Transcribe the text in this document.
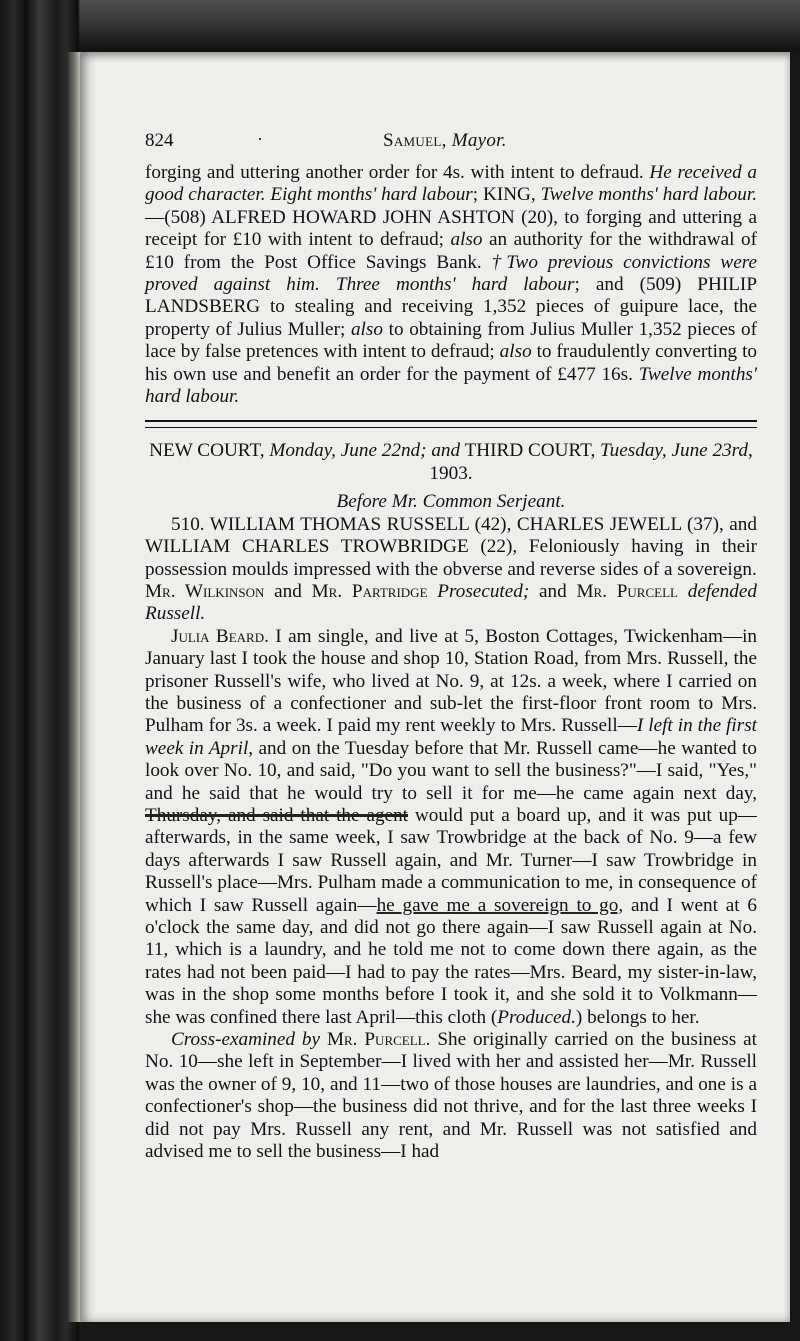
824	·	Samuel, Mayor.

forging and uttering another order for 4s. with intent to defraud. He received a good character. Eight months' hard labour; KING, Twelve months' hard labour.—(508) ALFRED HOWARD JOHN ASHTON (20), to forging and uttering a receipt for £10 with intent to defraud; also an authority for the withdrawal of £10 from the Post Office Savings Bank. †Two previous convictions were proved against him. Three months' hard labour; and (509) PHILIP LANDSBERG to stealing and receiving 1,352 pieces of guipure lace, the property of Julius Muller; also to obtaining from Julius Muller 1,352 pieces of lace by false pretences with intent to defraud; also to fraudulently converting to his own use and benefit an order for the payment of £477 16s. Twelve months' hard labour.

NEW COURT, Monday, June 22nd; and THIRD COURT, Tuesday, June 23rd, 1903.

Before Mr. Common Serjeant.

510. WILLIAM THOMAS RUSSELL (42), CHARLES JEWELL (37), and WILLIAM CHARLES TROWBRIDGE (22), Feloniously having in their possession moulds impressed with the obverse and reverse sides of a sovereign.

Mr. Wilkinson and Mr. Partridge Prosecuted; and Mr. Purcell defended Russell.

Julia Beard. I am single, and live at 5, Boston Cottages, Twickenham—in January last I took the house and shop 10, Station Road, from Mrs. Russell, the prisoner Russell's wife, who lived at No. 9, at 12s. a week, where I carried on the business of a confectioner and sub-let the first-floor front room to Mrs. Pulham for 3s. a week. I paid my rent weekly to Mrs. Russell—I left in the first week in April, and on the Tuesday before that Mr. Russell came—he wanted to look over No. 10, and said, "Do you want to sell the business?"—I said, "Yes," and he said that he would try to sell it for me—he came again next day, Thursday, and said that the agent would put a board up, and it was put up—afterwards, in the same week, I saw Trowbridge at the back of No. 9—a few days afterwards I saw Russell again, and Mr. Turner—I saw Trowbridge in Russell's place—Mrs. Pulham made a communication to me, in consequence of which I saw Russell again—he gave me a sovereign to go, and I went at 6 o'clock the same day, and did not go there again—I saw Russell again at No. 11, which is a laundry, and he told me not to come down there again, as the rates had not been paid—I had to pay the rates—Mrs. Beard, my sister-in-law, was in the shop some months before I took it, and she sold it to Volkmann—she was confined there last April—this cloth (Produced.) belongs to her.

Cross-examined by Mr. Purcell. She originally carried on the business at No. 10—she left in September—I lived with her and assisted her—Mr. Russell was the owner of 9, 10, and 11—two of those houses are laundries, and one is a confectioner's shop—the business did not thrive, and for the last three weeks I did not pay Mrs. Russell any rent, and Mr. Russell was not satisfied and advised me to sell the business—I had
